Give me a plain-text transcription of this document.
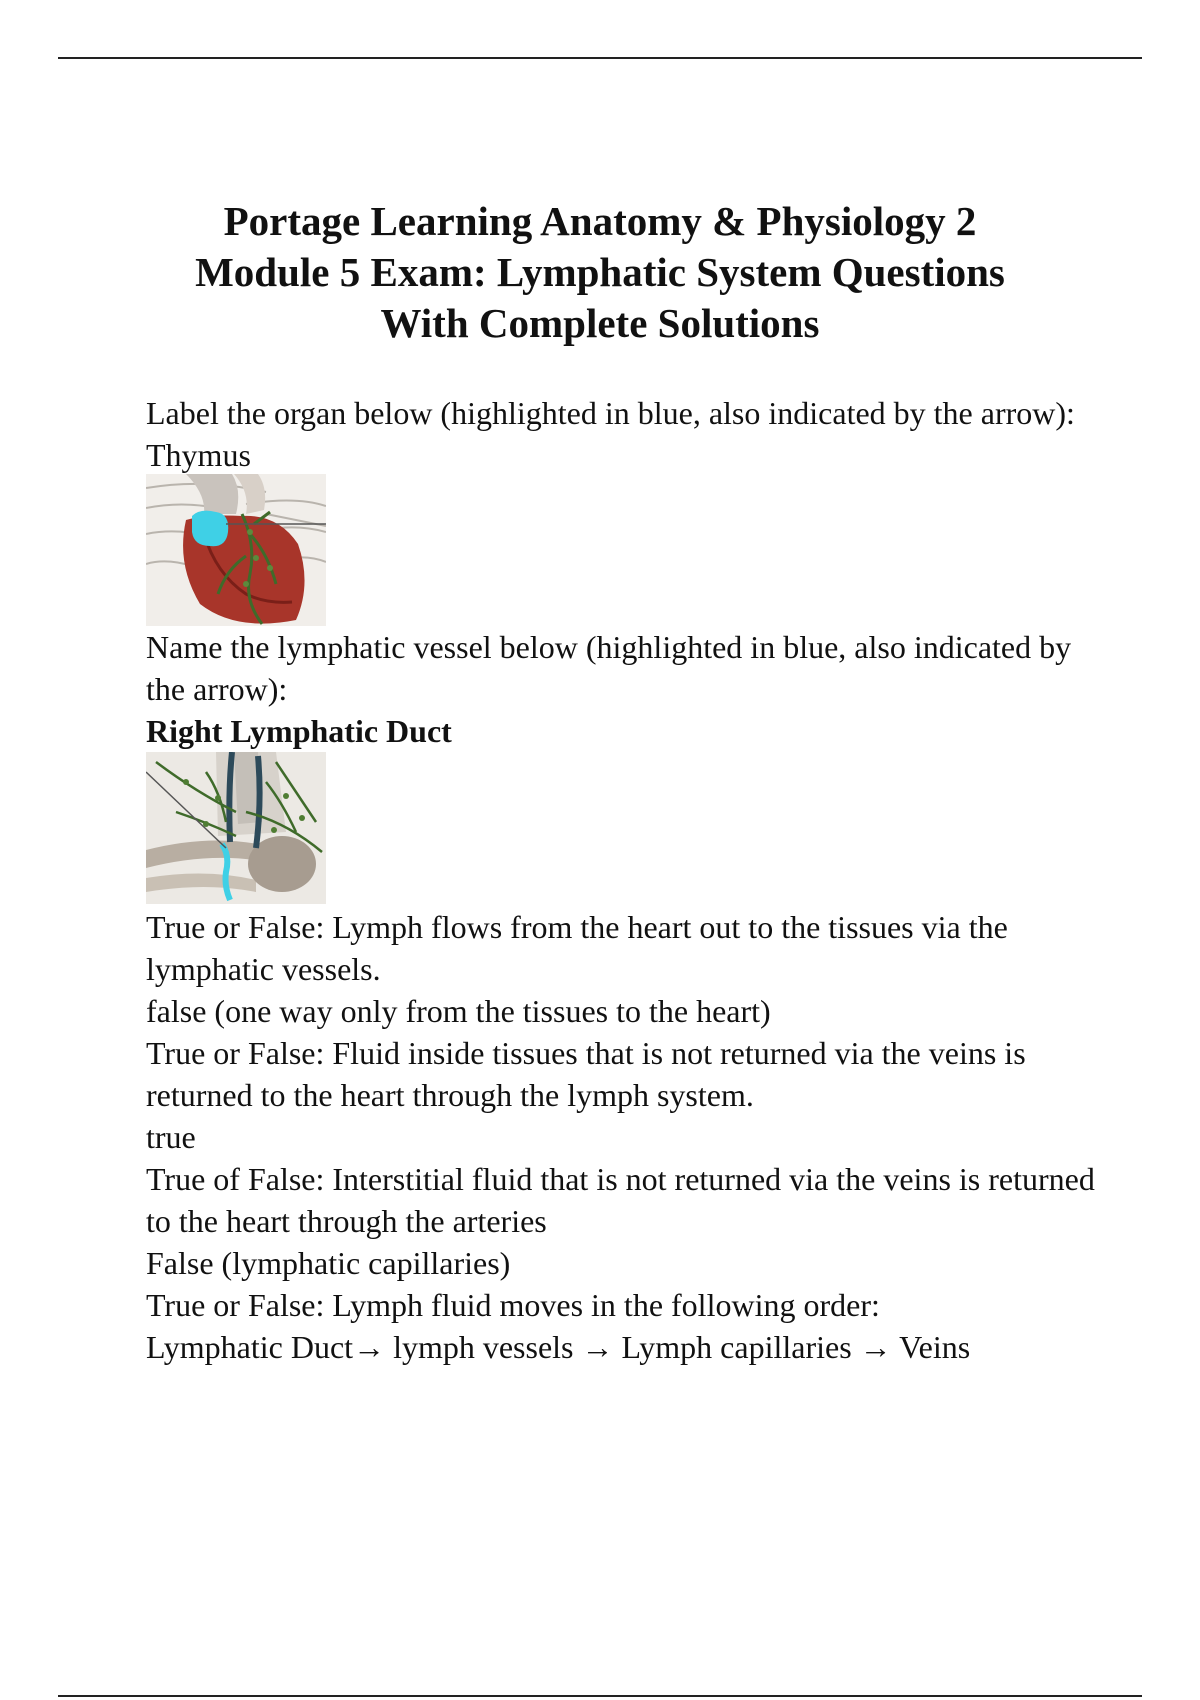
Portage Learning Anatomy & Physiology 2
Module 5 Exam: Lymphatic System Questions
With Complete Solutions

Label the organ below (highlighted in blue, also indicated by the arrow):

Thymus

Name the lymphatic vessel below (highlighted in blue, also indicated by the arrow):

Right Lymphatic Duct

True or False: Lymph flows from the heart out to the tissues via the lymphatic vessels.

false (one way only from the tissues to the heart)

True or False: Fluid inside tissues that is not returned via the veins is returned to the heart through the lymph system.

true

True of False: Interstitial fluid that is not returned via the veins is returned to the heart through the arteries

False (lymphatic capillaries)

True or False: Lymph fluid moves in the following order:

Lymphatic Duct→ lymph vessels → Lymph capillaries → Veins
